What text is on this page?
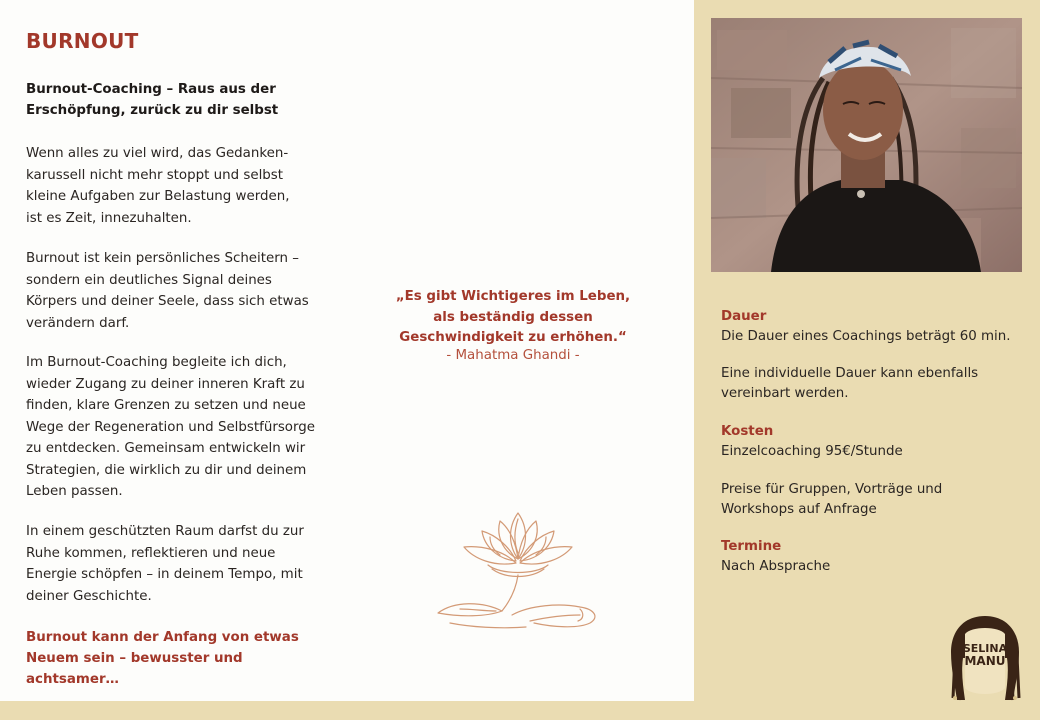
BURNOUT
Burnout-Coaching – Raus aus der
Erschöpfung, zurück zu dir selbst
Wenn alles zu viel wird, das Gedanken-
karussell nicht mehr stoppt und selbst
kleine Aufgaben zur Belastung werden,
ist es Zeit, innezuhalten.
Burnout ist kein persönliches Scheitern –
sondern ein deutliches Signal deines
Körpers und deiner Seele, dass sich etwas
verändern darf.
Im Burnout-Coaching begleite ich dich,
wieder Zugang zu deiner inneren Kraft zu
finden, klare Grenzen zu setzen und neue
Wege der Regeneration und Selbstfürsorge
zu entdecken. Gemeinsam entwickeln wir
Strategien, die wirklich zu dir und deinem
Leben passen.
In einem geschützten Raum darfst du zur
Ruhe kommen, reflektieren und neue
Energie schöpfen – in deinem Tempo, mit
deiner Geschichte.
Burnout kann der Anfang von etwas
Neuem sein – bewusster und achtsamer…
„Es gibt Wichtigeres im Leben,
als beständig dessen
Geschwindigkeit zu erhöhen.“
- Mahatma Ghandi -
Dauer
Die Dauer eines Coachings beträgt 60 min.
Eine individuelle Dauer kann ebenfalls
vereinbart werden.
Kosten
Einzelcoaching 95€/Stunde
Preise für Gruppen, Vorträge und
Workshops auf Anfrage
Termine
Nach Absprache
SELINA
MANU
